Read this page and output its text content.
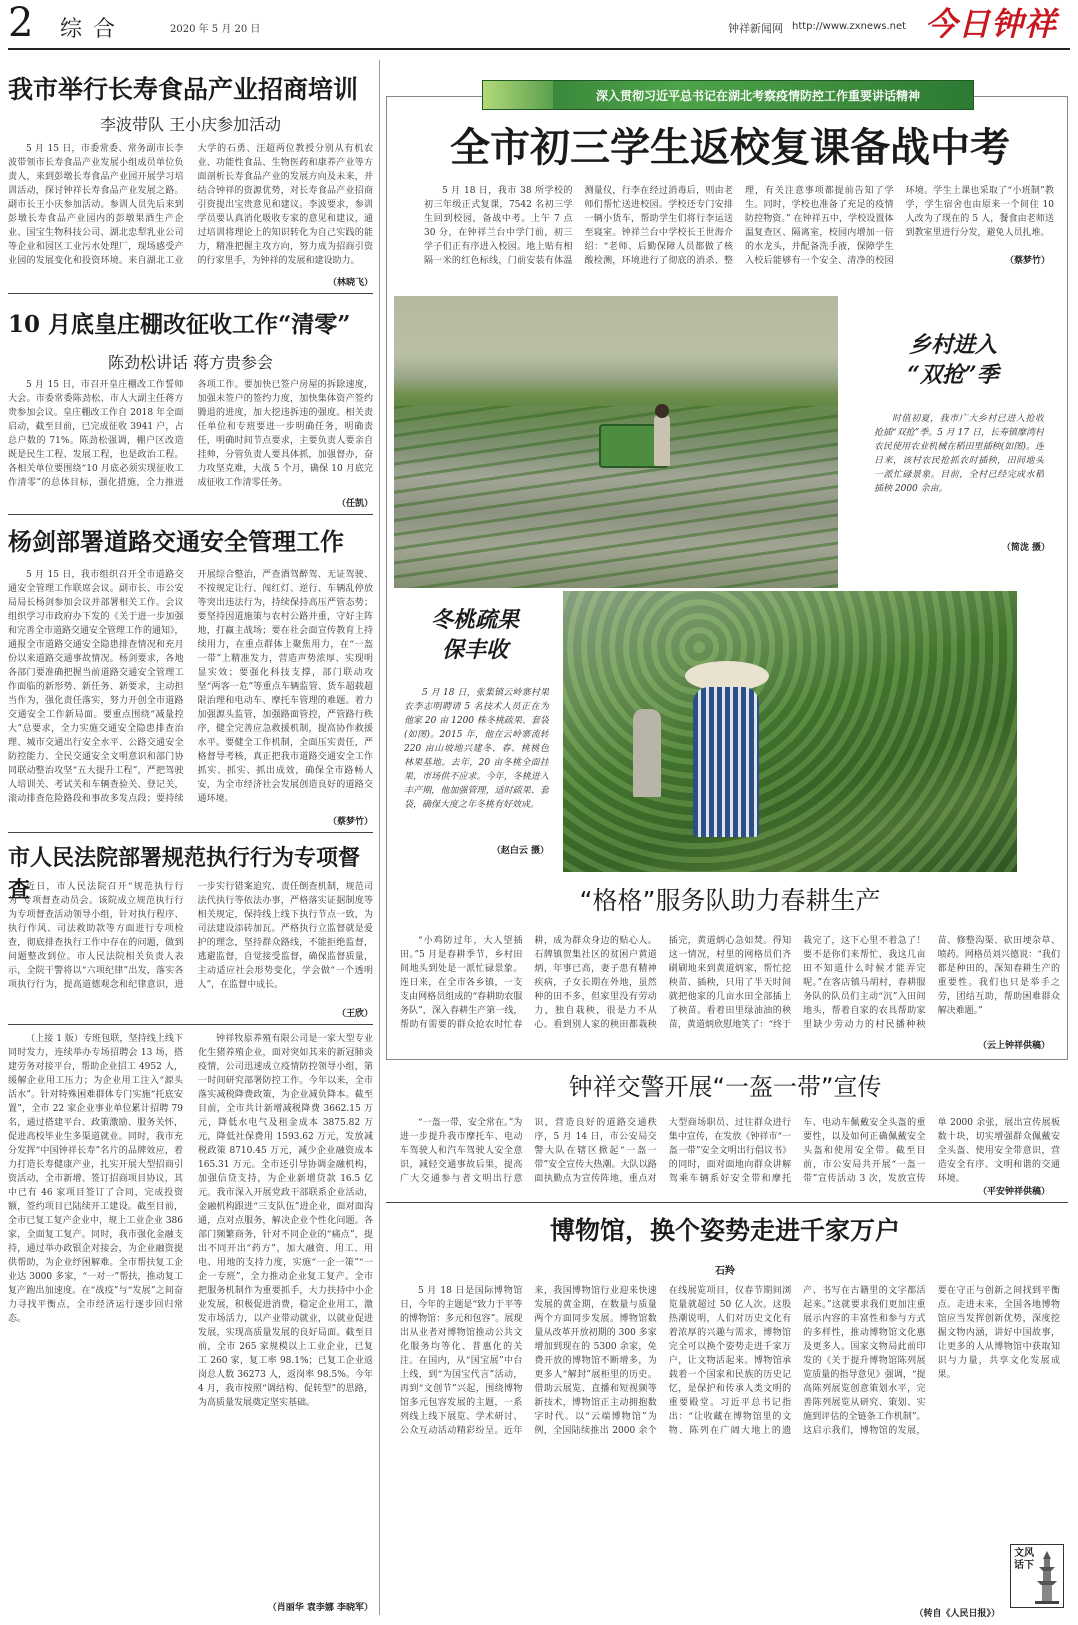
2 综 合	2020 年 5 月 20 日	钟祥新闻网 http://www.zxnews.net 今日钟祥
我市举行长寿食品产业招商培训
李波带队 王小庆参加活动
5 月 15 日，市委常委、常务副市长李波带领市长寿食品产业发展小组成员单位负责人，来到彭墩长寿食品产业园开展学习培训活动，探讨钟祥长寿食品产业发展之路。副市长王小庆参加活动。参训人员先后来到彭墩长寿食品产业园内的彭墩果酒生产企业、国宝生物科技公司、湖北忠犁乳业公司等企业和园区工业污水处理厂，现场感受产业园的发展变化和投资环境。来自湖北工业大学的石勇、汪超两位教授分别从有机农业、功能性食品、生物医药和康养产业等方面剖析长寿食品产业的发展方向及未来，并结合钟祥的资源优势，对长寿食品产业招商引资提出宝贵意见和建议。李波要求，参训学员要认真消化吸收专家的意见和建议，通过培训将理论上的知识转化为自己实践的能力，精准把握主攻方向，努力成为招商引资的行家里手，为钟祥的发展和建设助力。
（林晓飞）
10 月底皇庄棚改征收工作“清零”
陈劲松讲话 蒋方贵参会
5 月 15 日，市召开皇庄棚改工作誓师大会。市委常委陈劲松、市人大副主任蒋方贵参加会议。皇庄棚改工作自 2018 年全面启动，截至目前，已完成征收 3941 户，占总户数的 71%。陈劲松强调，棚户区改造既是民生工程、发展工程，也是政治工程。各相关单位要围绕“10 月底必须实现征收工作清零”的总体目标，强化措施，全力推进各项工作。要加快已签户房屋的拆除速度，加强未签户的签约力度，加快集体资产签约腾退的进度，加大挖违拆违的强度。相关责任单位和专班要进一步明确任务，明确责任，明确时间节点要求，主要负责人要亲自挂帅，分管负责人要具体抓，加强督办，奋力攻坚克难，大战 5 个月，确保 10 月底完成征收工作清零任务。
（任凯）
杨剑部署道路交通安全管理工作
5 月 15 日，我市组织召开全市道路交通安全管理工作联席会议。副市长、市公安局局长杨剑参加会议并部署相关工作。会议组织学习市政府办下发的《关于进一步加强和完善全市道路交通安全管理工作的通知》，通报全市道路交通安全隐患排查情况和充月份以来道路交通事故情况。杨剑要求，各地各部门要准确把握当前道路交通安全管理工作面临的新形势、新任务、新要求，主动担当作为，强化责任落实，努力开创全市道路交通安全工作新局面。要重点围绕“减量控大”总要求，全力实施交通安全隐患排查治理、城市交通出行安全水平、公路交通安全防控能力、全民交通安全文明意识和部门协同联动整治攻坚“五大提升工程”，严把驾驶人培训关、考试关和车辆查验关、登记关，滚动排查危险路段和事故多发点段；要持续开展综合整治，严查酒驾醉驾、无证驾驶、不按规定让行、闯红灯、逆行、车辆乱停放等突出违法行为，持续保持高压严管态势；要坚持因道施策与农村公路并重，守好主阵地，打赢主战场；要在社会面宣传教育上持续用力，在重点群体上聚焦用力，在“一盔一带”上精准发力，营造声势浓厚、实现明显实效；要强化科技支撑，部门联动攻坚“两客一危”等重点车辆监管、货车超载超限治理和电动车、摩托车管理的难题。着力加强源头监管，加强路面管控，严管路行秩序，健全完善应急救援机制，提高协作救援水平。要健全工作机制，全面压实责任，严格督导考核，真正把我市道路交通安全工作抓实、抓实、抓出成效，确保全市路畅人安，为全市经济社会发展创造良好的道路交通环境。
（蔡梦竹）
市人民法院部署规范执行行为专项督查
近日，市人民法院召开“规范执行行为”专项督查动员会。该院成立规范执行行为专项督查活动领导小组，针对执行程序、执行作风、司法救助款等方面进行专项检查，彻底排查执行工作中存在的问题，做到问题整改到位。市人民法院相关负责人表示，全院干警将以“六项纪律”出发，落实各项执行行为，提高道德观念和纪律意识，进一步实行错案追究、责任倒查机制，规范司法代执行等依法办事，严格落实证据制度等相关规定，保持线上线下执行节点一致，为司法建设添砖加瓦。严格执行立监督就是爱护的理念，坚持群众路线，不能拒绝监督，逃避监督，自觉接受监督，确保监督质量，主动适应社会形势变化，学会做“一个透明人”，在监督中成长。
（王欣）
（上接 1 版）专班包联，坚持线上线下同时发力，连续举办专场招聘会 13 场，搭建劳务对接平台，帮助企业招工 4952 人，缓解企业用工压力；为企业用工注入“源头活水”。针对特殊困难群体专门实施“托底安置”，全市 22 家企业事业单位累计招聘 79 名，通过搭建平台、政策激励、服务关怀，促进高校毕业生多渠道就业。同时，我市充分发挥“中国钟祥长寿”名片的品牌效应，着力打造长寿健康产业，扎实开展大型招商引资活动，全市新增、签订招商项目协议，其中已有 46 家项目签订了合同，完成投资额，签约项目已陆续开工建设。截至目前，全市已复工复产企业中，规上工业企业 386 家，全面复工复产。同时，我市强化金融支持，通过举办政银企对接会，为企业融资提供帮助，为企业纾困解难。全市帮扶复工企业达 3000 多家，“一对一”帮扶，推动复工复产跑出加速度。在“战疫”与“发展”之间奋力寻找平衡点，全市经济运行逐步回归常态。
钟祥牧原养殖有限公司是一家大型专业化生猪养殖企业，面对突如其来的新冠肺炎疫情，公司迅速成立疫情防控领导小组，第一时间研究部署防控工作。今年以来，全市落实减税降费政策，为企业减负降本。截至目前，全市共计新增减税降费 3662.15 万元，降低水电气及租金成本 3875.82 万元，降低社保费用 1593.62 万元，发放减税政策 8710.45 万元，减少企业融资成本 165.31 万元。全市还引导协调金融机构，加强信贷支持，为企业新增贷款 16.5 亿元。我市深入开展党政干部联系企业活动，金融机构跟进“三支队伍”进企业，面对面沟通，点对点服务，解决企业个性化问题。各部门频繁商务，针对不同企业的“痛点”，提出不同开出“药方”，加大融资、用工、用电、用地的支持力度，实施“一企一策”“一企一专班”，全力推动企业复工复产。全市把服务机制作为重要抓手，大力扶持中小企业发展，积极促进消费，稳定企业用工，激发市场活力，以产业带动就业，以就业促进发展，实现高质量发展的良好局面。截至目前，全市 265 家规模以上工业企业，已复工 260 家，复工率 98.1%；已复工企业返岗总人数 36273 人，返岗率 98.5%。今年 4 月，我市按照“调结构、促转型”的思路，为高质量发展奠定坚实基础。
（肖丽华 袁李娜 李晓军）
深入贯彻习近平总书记在湖北考察疫情防控工作重要讲话精神
全市初三学生返校复课备战中考
5 月 18 日，我市 38 所学校的初三年级正式复课，7542 名初三学生回到校园，备战中考。上午 7 点 30 分，在钟祥兰台中学门前，初三学子们正有序进入校园。地上贴有相隔一米的红色标线，门前安装有体温测量仪，行李在经过消毒后，则由老师们帮忙送进校园。学校还专门安排一辆小货车，帮助学生们将行李运送至寝室。钟祥兰台中学校长王世海介绍：“老师、后勤保障人员都做了核酸检测，环境进行了彻底的消杀、整理，有关注意事项都提前告知了学生。同时，学校也准备了充足的疫情防控物资。” 在钟祥五中，学校设置体温复查区、隔离室，校园内增加一倍的水龙头，并配备洗手液，保障学生入校后能够有一个安全、清净的校园环境。学生上课也采取了“小班制”教学，学生宿舍也由原来一个间住 10 人改为了现在的 5 人，餐食由老师送到教室里进行分发，避免人员扎堆。
（蔡梦竹）
乡村进入
“双抢”季
时值初夏，我市广大乡村已进入抢收抢插“双抢”季。5 月 17 日，长寿镇摩湾村农民使用农业机械在稻田里插秧(如图)。连日来，该村农民抢抓农时插秧，田间地头一派忙碌景象。目前，全村已经完成水稻插秧 2000 余亩。
（简泷 摄）
冬桃疏果
保丰收
5 月 18 日，张集镇云岭寨村果农李志明聘请 5 名技术人员正在为他家 20 亩 1200 株冬桃疏果、套袋(如图)。2015 年，他在云岭寨流转 220 亩山坡地兴建冬、春、桃桃色林果基地。去年，20 亩冬桃全面挂果，市场供不应求。今年，冬桃进入丰产期，他加强管理，适时疏果、套袋，确保大度之年冬桃有好效成。
（赵白云 摄）
“格格”服务队助力春耕生产
“小鸡防过年，大人望插田。”5 月是春耕季节，乡村田间地头到处是一派忙碌景象。连日来，在全市各乡镇，一支支由网格员组成的“春耕助农服务队”，深入春耕生产第一线，帮助有需要的群众抢农时忙春耕，成为群众身边的贴心人。石牌镇贺集社区的贫困户黄道炳，年事已高，妻子患有精神疾病，子女长期在外地，虽然种的田不多，但家里没有劳动力，独自栽秧，很是力不从心。看到别人家的秧田都栽秧插完，黄道炳心急如焚。得知这一情况，村里的网格员们齐刷刷地来到黄道炳家，帮忙挖秧苗、插秧，只用了半天时间就把他家的几亩水田全部插上了秧苗。看着田里绿油油的秧苗，黄道炳欣慰地笑了：“终于栽完了，这下心里不着急了！要不是你们来帮忙，我这几亩田不知道什么时候才能弄完呢。”在客店镇马胡村，春耕服务队的队员们主动“沉”入田间地头，帮着自家的农具帮助家里缺少劳动力的村民播种秧苗、修整沟渠、砍田埂杂草、喷药。网格员刘兴德说：“我们都是种田的，深知春耕生产的重要性。我们也只是举手之劳，团结互助，帮助困难群众解决难题。”
（云上钟祥供稿）
钟祥交警开展“一盔一带”宣传
“一盔一带，安全常在。”为进一步提升我市摩托车、电动车驾驶人和汽车驾驶人安全意识，减轻交通事故后果，提高广大交通参与者文明出行意识，营造良好的道路交通秩序，5 月 14 日，市公安局交警大队在辖区掀起“一盔一带”安全宣传大热潮。大队以路面执勤点为宣传阵地，重点对大型商场职员、过往群众进行集中宣传，在发放《钟祥市“一盔一带”安全文明出行倡议书》的同时，面对面地向群众讲解驾乘车辆系好安全带和摩托车、电动车佩戴安全头盔的重要性，以及如何正确佩戴安全头盔和使用安全带。截至目前，市公安局共开展“一盔一带”宣传活动 3 次，发放宣传单 2000 余张，展出宣传展板数十块，切实增强群众佩戴安全头盔、使用安全带意识，营造安全有序、文明和谐的交通环境。
（平安钟祥供稿）
博物馆，换个姿势走进千家万户
石羚
5 月 18 日是国际博物馆日，今年的主题是“致力于平等的博物馆：多元和包容”。展现出从业者对博物馆推动公共文化服务均等化、普惠化的关注。在国内，从“国宝展”中台上线，到“为国宝代言”活动，再到“文创节”兴起，围绕博物馆多元包容发展的主题，一系列线上线下展览、学术研讨、公众互动活动精彩纷呈。近年来，我国博物馆行业迎来快速发展的黄金期，在数量与质量两个方面同步发展。博物馆数量从改革开放初期的 300 多家增加到现在的 5300 余家，免费开放的博物馆不断增多，为更多人“解封”展柜里的历史。借助云展览、直播和短视频等新技术，博物馆正主动拥抱数字时代。以“云端博物馆”为例，全国陆续推出 2000 余个在线展览项目，仅春节期间浏览量就超过 50 亿人次。这股热潮说明，人们对历史文化有着浓厚的兴趣与需求，博物馆完全可以换个姿势走进千家万户，让文物活起来。博物馆承载着一个国家和民族的历史记忆，是保护和传承人类文明的重要殿堂。习近平总书记指出：“让收藏在博物馆里的文物、陈列在广阔大地上的遗产、书写在古籍里的文字都活起来。”这就要求我们更加注重展示内容的丰富性和参与方式的多样性，推动博物馆文化惠及更多人。国家文物局此前印发的《关于提升博物馆陈列展览质量的指导意见》强调，“提高陈列展览创意策划水平，完善陈列展览从研究、策划、实施到评估的全链条工作机制”。这启示我们，博物馆的发展，要在守正与创新之间找到平衡点。走进未来，全国各地博物馆应当发挥创新优势，深度挖掘文物内涵，讲好中国故事，让更多的人从博物馆中获取知识与力量，共享文化发展成果。
（转自《人民日报》）
文风
话下
